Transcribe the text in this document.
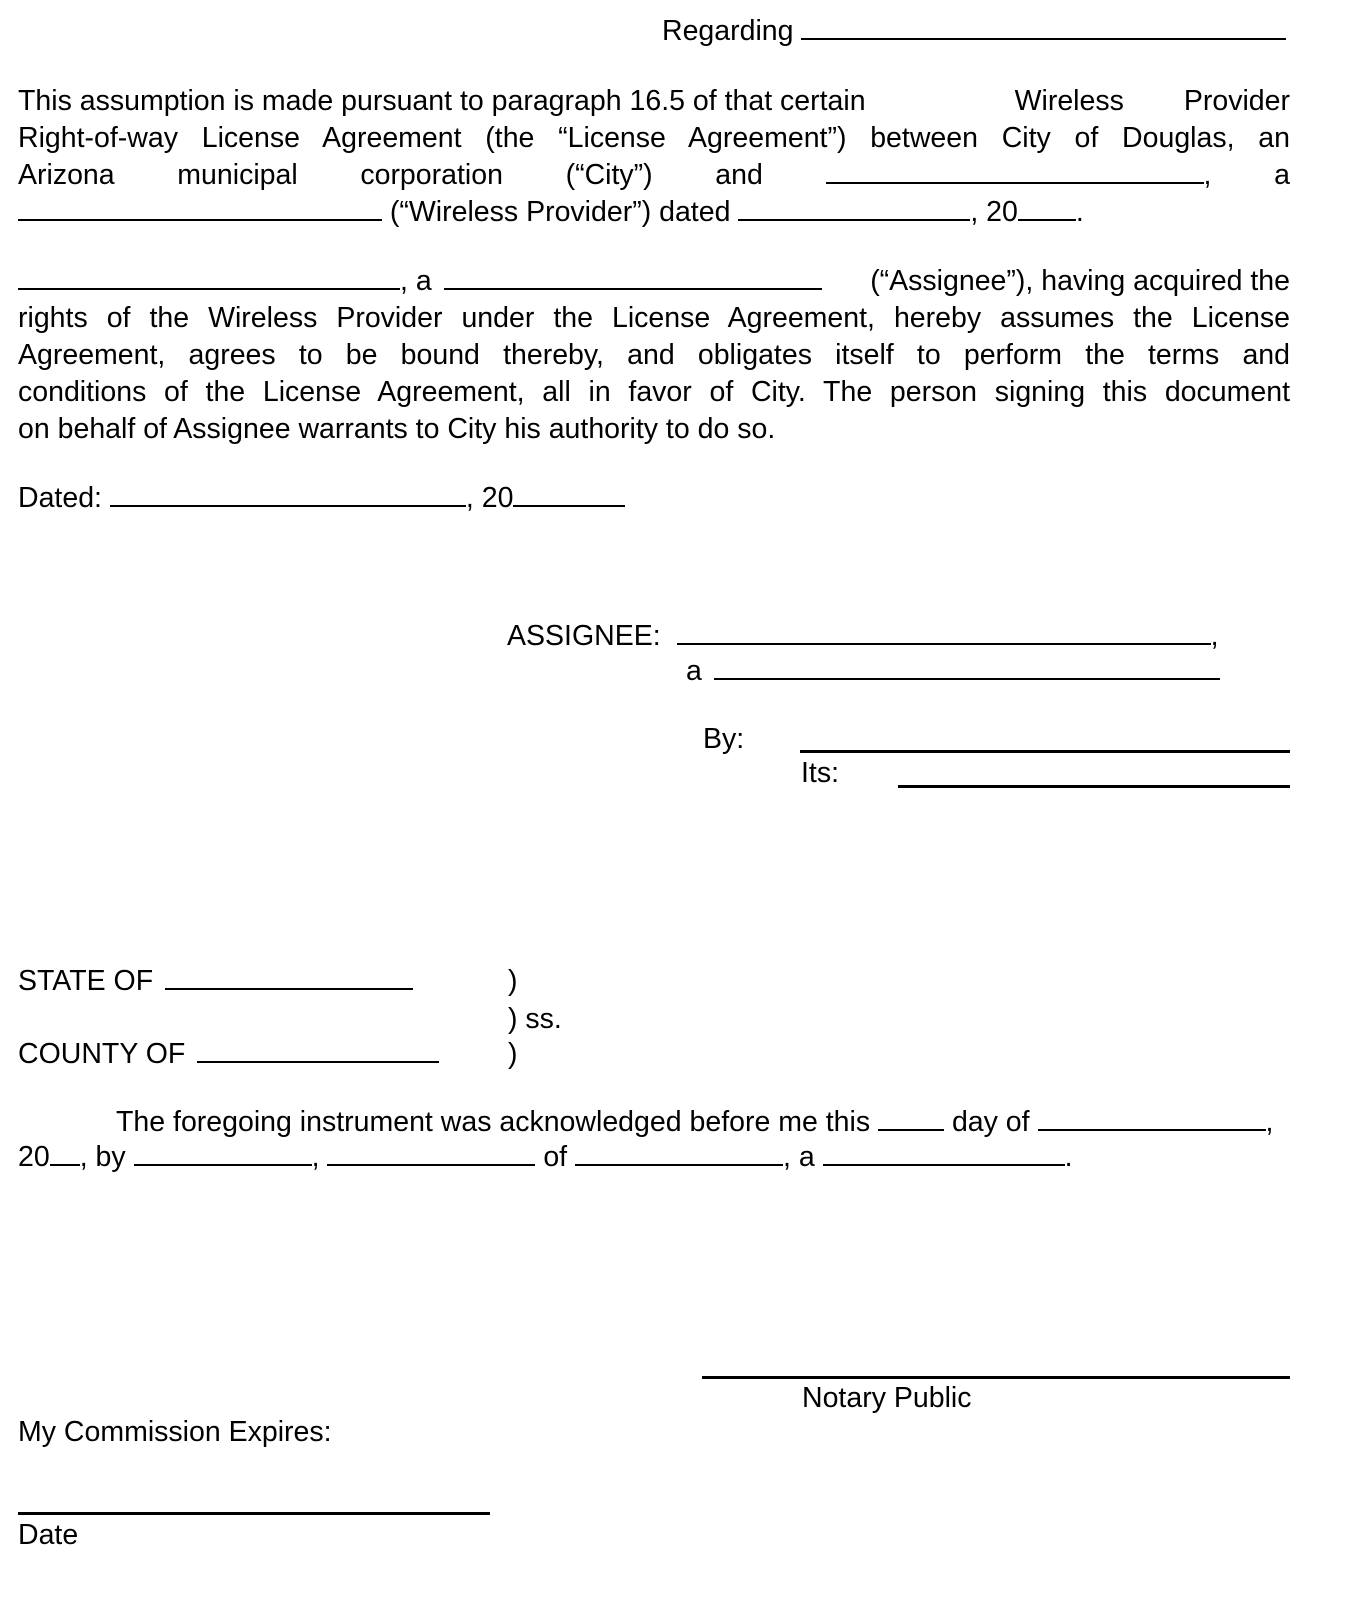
Regarding
This assumption is made pursuant to paragraph 16.5 of that certain	Wireless Provider
Right-of-way License Agreement (the “License Agreement”) between City of Douglas, an
Arizona municipal corporation (“City”) and	, a
(“Wireless Provider”) dated	, 20 .
, a	(“Assignee”), having acquired the
rights of the Wireless Provider under the License Agreement, hereby assumes the License
Agreement, agrees to be bound thereby, and obligates itself to perform the terms and
conditions of the License Agreement, all in favor of City. The person signing this document
on behalf of Assignee warrants to City his authority to do so.
Dated:	, 20
ASSIGNEE:	,
a
By:
Its:
STATE OF	)
) ss.
COUNTY OF	)
The foregoing instrument was acknowledged before me this	day of	,
20 , by	,	of	, a	.
Notary Public
My Commission Expires:
Date
